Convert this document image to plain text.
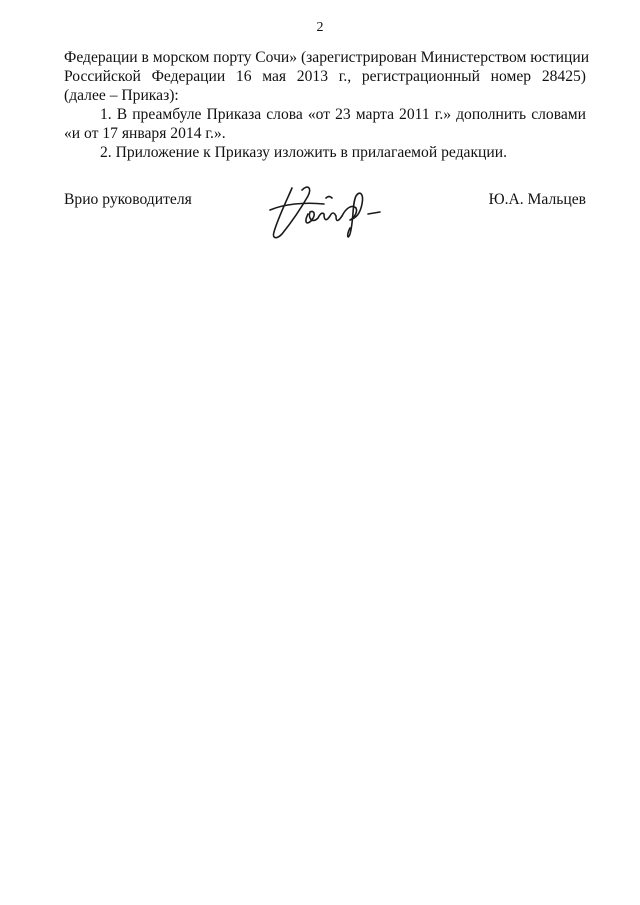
2
Федерации в морском порту Сочи» (зарегистрирован Министерством юстиции
Российской Федерации 16 мая 2013 г., регистрационный номер 28425)
(далее – Приказ):
1. В преамбуле Приказа слова «от 23 марта 2011 г.» дополнить словами
«и от 17 января 2014 г.».
2. Приложение к Приказу изложить в прилагаемой редакции.
Врио руководителя	Ю.А. Мальцев
